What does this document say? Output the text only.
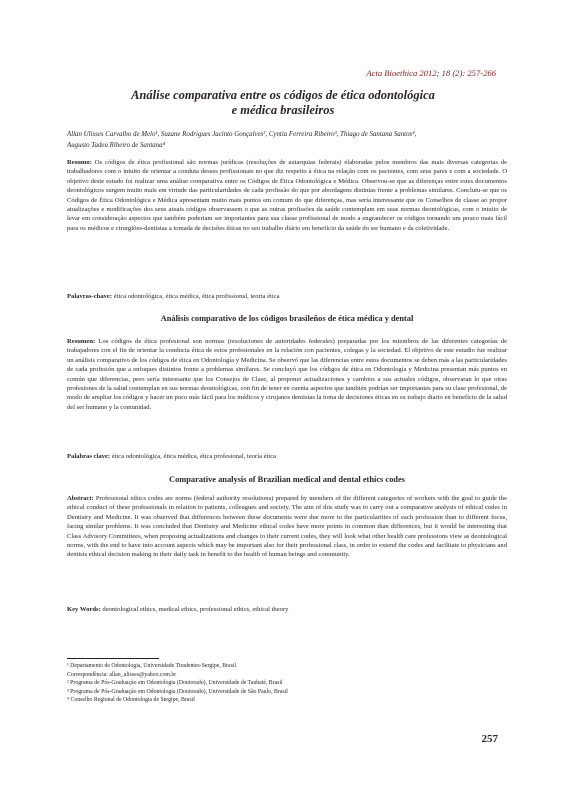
Acta Bioethica 2012; 18 (2): 257-266
Análise comparativa entre os códigos de ética odontológica
e médica brasileiros
Allan Ulisses Carvalho de Melo¹, Suzane Rodrigues Jacinto Gonçalves², Cyntia Ferreira Ribeiro³, Thiago de Santana Santos⁴,
Augusto Tadeu Ribeiro de Santana⁴
Resumo: Os códigos de ética profissional são normas jurídicas (resoluções de autarquias federais) elaboradas pelos membros das mais diversas categorias de trabalhadores com o intuito de orientar a conduta desses profissionais no que diz respeito à ética na relação com os pacientes, com seus pares e com a sociedade. O objetivo deste estudo foi realizar uma análise comparativa entre os Códigos de Ética Odontológica e Médica. Observou-se que as diferenças entre estes documentos deontológicos surgem muito mais em virtude das particularidades de cada profissão do que por abordagens distintas frente a problemas similares. Concluiu-se que os Códigos de Ética Odontológica e Médica apresentam muito mais pontos em comum do que diferenças, mas seria interessante que os Conselhos de classe ao propor atualizações e modificações dos seus atuais códigos observassem o que as outras profissões da saúde contemplam em suas normas deontológicas, com o intuito de levar em consideração aspectos que também poderiam ser importantes para sua classe profissional de modo a engrandecer os códigos tornando um pouco mais fácil para os médicos e cirurgiões-dentistas a tomada de decisões éticas no seu trabalho diário em benefício da saúde do ser humano e da coletividade.
Palavras-chave: ética odontológica, ética médica, ética profissional, teoria ética
Análisis comparativo de los códigos brasileños de ética médica y dental
Resumen: Los códigos de ética profesional son normas (resoluciones de autoridades federales) preparadas por los miembros de las diferentes categorías de trabajadores con el fin de orientar la conducta ética de estos profesionales en la relación con pacientes, colegas y la sociedad. El objetivo de este estudio fue realizar un análisis comparativo de los códigos de ética en Odontología y Medicina. Se observó que las diferencias entre estos documentos se deben más a las particularidades de cada profesión que a enfoques distintos frente a problemas similares. Se concluyó que los códigos de ética en Odontología y Medicina presentan más puntos en común que diferencias, pero sería interesante que los Consejos de Clase, al proponer actualizaciones y cambios a sus actuales códigos, observaran lo que otras profesiones de la salud contemplan en sus normas deontológicas, con fin de tener en cuenta aspectos que también podrían ser importantes para su clase profesional, de modo de ampliar los códigos y hacer un poco más fácil para los médicos y cirujanos dentistas la toma de decisiones éticas en su trabajo diario en beneficio de la salud del ser humano y la comunidad.
Palabras clave: ética odontológica, ética médica, ética profesional, teoría ética
Comparative analysis of Brazilian medical and dental ethics codes
Abstract: Professional ethics codes are norms (federal authority resolutions) prepared by members of the different categories of workers with the goal to guide the ethical conduct of these professionals in relation to patients, colleagues and society. The aim of this study was to carry out a comparative analysis of ethical codes in Dentistry and Medicine. It was observed that differences between these documents were due more to the particularities of each profession than to different focus, facing similar problems. It was concluded that Dentistry and Medicine ethical codes have more points in common than differences, but it would be interesting that Class Advisory Committees, when proposing actualizations and changes to their current codes, they will look what other health care professions view as deontological norms, with the end to have into account aspects which may be important also for their professional class, in order to extend the codes and facilitate to physicians and dentists ethical decision making in their daily task in benefit to the health of human beings and community.
Key Words: deontological ethics, medical ethics, professional ethics, ethical theory
¹ Departamento de Odontologia, Universidade Tiradentes-Sergipe, Brasil
Correspondência: allan_ulisses@yahoo.com.br
² Programa de Pós-Graduação em Odontologia (Doutorado), Universidade de Taubaté, Brasil
³ Programa de Pós-Graduação em Odontologia (Doutorado), Universidade de São Paulo, Brasil
⁴ Conselho Regional de Odontologia de Sergipe, Brasil
257
